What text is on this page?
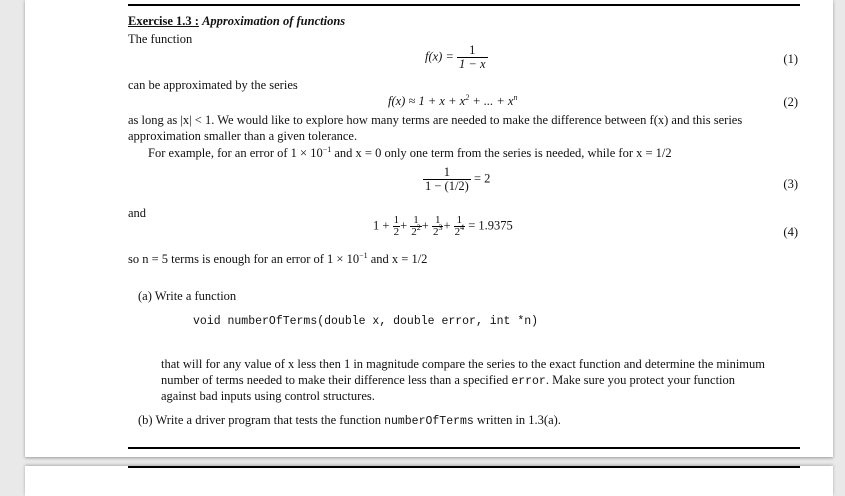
Exercise 1.3 : Approximation of functions
The function
$f(x) = \frac{1}{1 - x}$	(1)
can be approximated by the series
$f(x) \approx 1 + x + x^2$ + ... + $x^n$	(2)
as long as |x| < 1. We would like to explore how many terms are needed to make the difference between f(x) and this series
approximation smaller than a given tolerance.
For example, for an error of $1 \times 10^{-1}$ and x = 0 only one term from the series is needed, while for x = 1/2
$\frac{1}{1 - (1/2)} = 2$	(3)
and
$1 + \frac{1}{2} + \frac{1}{2^2} + \frac{1}{2^3} + \frac{1}{2^4} = 1.9375$	(4)
so n = 5 terms is enough for an error of $1 \times 10^{-1}$ and x = 1/2
(a) Write a function
void numberOfTerms(double x, double error, int *n)
that will for any value of x less then 1 in magnitude compare the series to the exact function and determine the minimum
number of terms needed to make their difference less than a specified error. Make sure you protect your function
against bad inputs using control structures.
(b) Write a driver program that tests the function numberOfTerms written in 1.3(a).
